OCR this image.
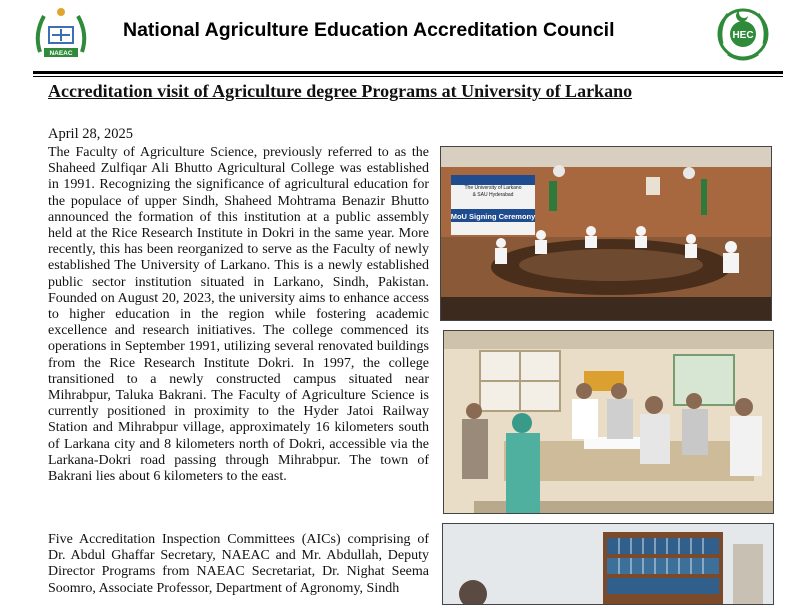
NAEAC
National Agriculture Education Accreditation Council	HEC
Accreditation visit of Agriculture degree Programs at University of Larkano
April 28, 2025

The Faculty of Agriculture Science, previously referred to as the Shaheed Zulfiqar Ali Bhutto Agricultural College was established in 1991. Recognizing the significance of agricultural education for the populace of upper Sindh, Shaheed Mohtrama Benazir Bhutto announced the formation of this institution at a public assembly held at the Rice Research Institute in Dokri in the same year. More recently, this has been reorganized to serve as the Faculty of newly established The University of Larkano. This is a newly established public sector institution situated in Larkano, Sindh, Pakistan. Founded on August 20, 2023, the university aims to enhance access to higher education in the region while fostering academic excellence and research initiatives. The college commenced its operations in September 1991, utilizing several renovated buildings from the Rice Research Institute Dokri. In 1997, the college transitioned to a newly constructed campus situated near Mihrabpur, Taluka Bakrani. The Faculty of Agriculture Science is currently positioned in proximity to the Hyder Jatoi Railway Station and Mihrabpur village, approximately 16 kilometers south of Larkana city and 8 kilometers north of Dokri, accessible via the Larkana-Dokri road passing through Mihrabpur. The town of Bakrani lies about 6 kilometers to the east.

Five Accreditation Inspection Committees (AICs) comprising of Dr. Abdul Ghaffar Secretary, NAEAC and Mr. Abdullah, Deputy Director Programs from NAEAC Secretariat, Dr. Nighat Seema Soomro, Associate Professor, Department of Agronomy, Sindh

The University of Larkano
& SAU Hyderabad
MoU Signing Ceremony
